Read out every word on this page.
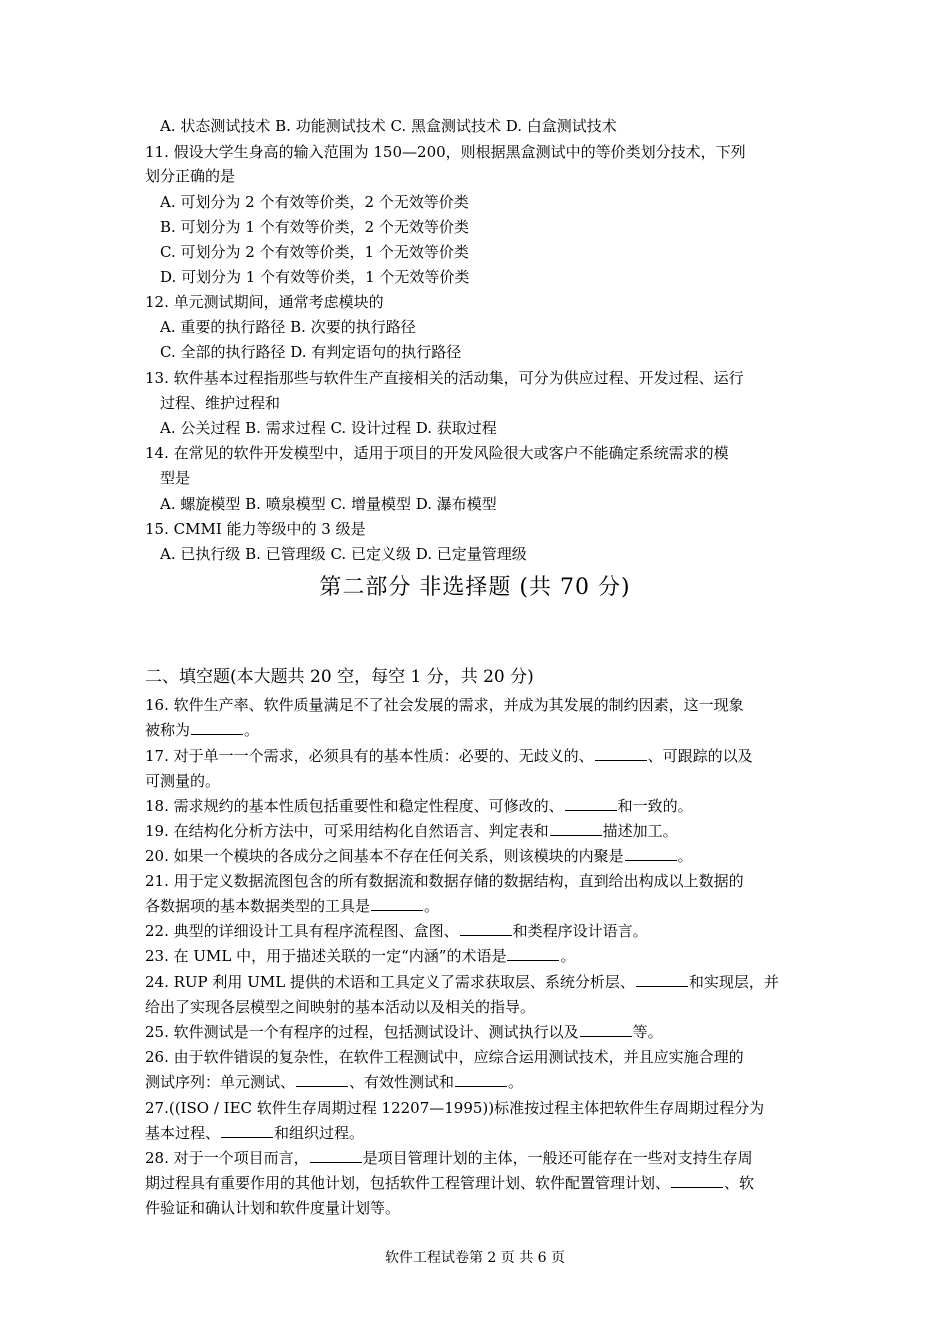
A. 状态测试技术 B. 功能测试技术 C. 黑盒测试技术 D. 白盒测试技术
11. 假设大学生身高的输入范围为 150—200，则根据黑盒测试中的等价类划分技术，下列
划分正确的是
A. 可划分为 2 个有效等价类，2 个无效等价类
B. 可划分为 1 个有效等价类，2 个无效等价类
C. 可划分为 2 个有效等价类，1 个无效等价类
D. 可划分为 1 个有效等价类，1 个无效等价类
12. 单元测试期间，通常考虑模块的
A. 重要的执行路径 B. 次要的执行路径
C. 全部的执行路径 D. 有判定语句的执行路径
13. 软件基本过程指那些与软件生产直接相关的活动集，可分为供应过程、开发过程、运行
过程、维护过程和
A. 公关过程 B. 需求过程 C. 设计过程 D. 获取过程
14. 在常见的软件开发模型中，适用于项目的开发风险很大或客户不能确定系统需求的模
型是
A. 螺旋模型 B. 喷泉模型 C. 增量模型 D. 瀑布模型
15. CMMI 能力等级中的 3 级是
A. 已执行级 B. 已管理级 C. 已定义级 D. 已定量管理级
第二部分 非选择题 (共 70 分)
二、填空题(本大题共 20 空，每空 1 分，共 20 分)
16. 软件生产率、软件质量满足不了社会发展的需求，并成为其发展的制约因素，这一现象
被称为	。
17. 对于单一一个需求，必须具有的基本性质：必要的、无歧义的、	、可跟踪的以及
可测量的。
18. 需求规约的基本性质包括重要性和稳定性程度、可修改的、	和一致的。
19. 在结构化分析方法中，可采用结构化自然语言、判定表和	描述加工。
20. 如果一个模块的各成分之间基本不存在任何关系，则该模块的内聚是	。
21. 用于定义数据流图包含的所有数据流和数据存储的数据结构，直到给出构成以上数据的
各数据项的基本数据类型的工具是	。
22. 典型的详细设计工具有程序流程图、盒图、	和类程序设计语言。
23. 在 UML 中，用于描述关联的一定“内涵”的术语是	。
24. RUP 利用 UML 提供的术语和工具定义了需求获取层、系统分析层、	和实现层，并
给出了实现各层模型之间映射的基本活动以及相关的指导。
25. 软件测试是一个有程序的过程，包括测试设计、测试执行以及	等。
26. 由于软件错误的复杂性，在软件工程测试中，应综合运用测试技术，并且应实施合理的
测试序列：单元测试、	、有效性测试和	。
27.((ISO / IEC 软件生存周期过程 12207—1995))标准按过程主体把软件生存周期过程分为
基本过程、	和组织过程。
28. 对于一个项目而言，	是项目管理计划的主体，一般还可能存在一些对支持生存周
期过程具有重要作用的其他计划，包括软件工程管理计划、软件配置管理计划、	、软
件验证和确认计划和软件度量计划等。
软件工程试卷第 2 页 共 6 页
